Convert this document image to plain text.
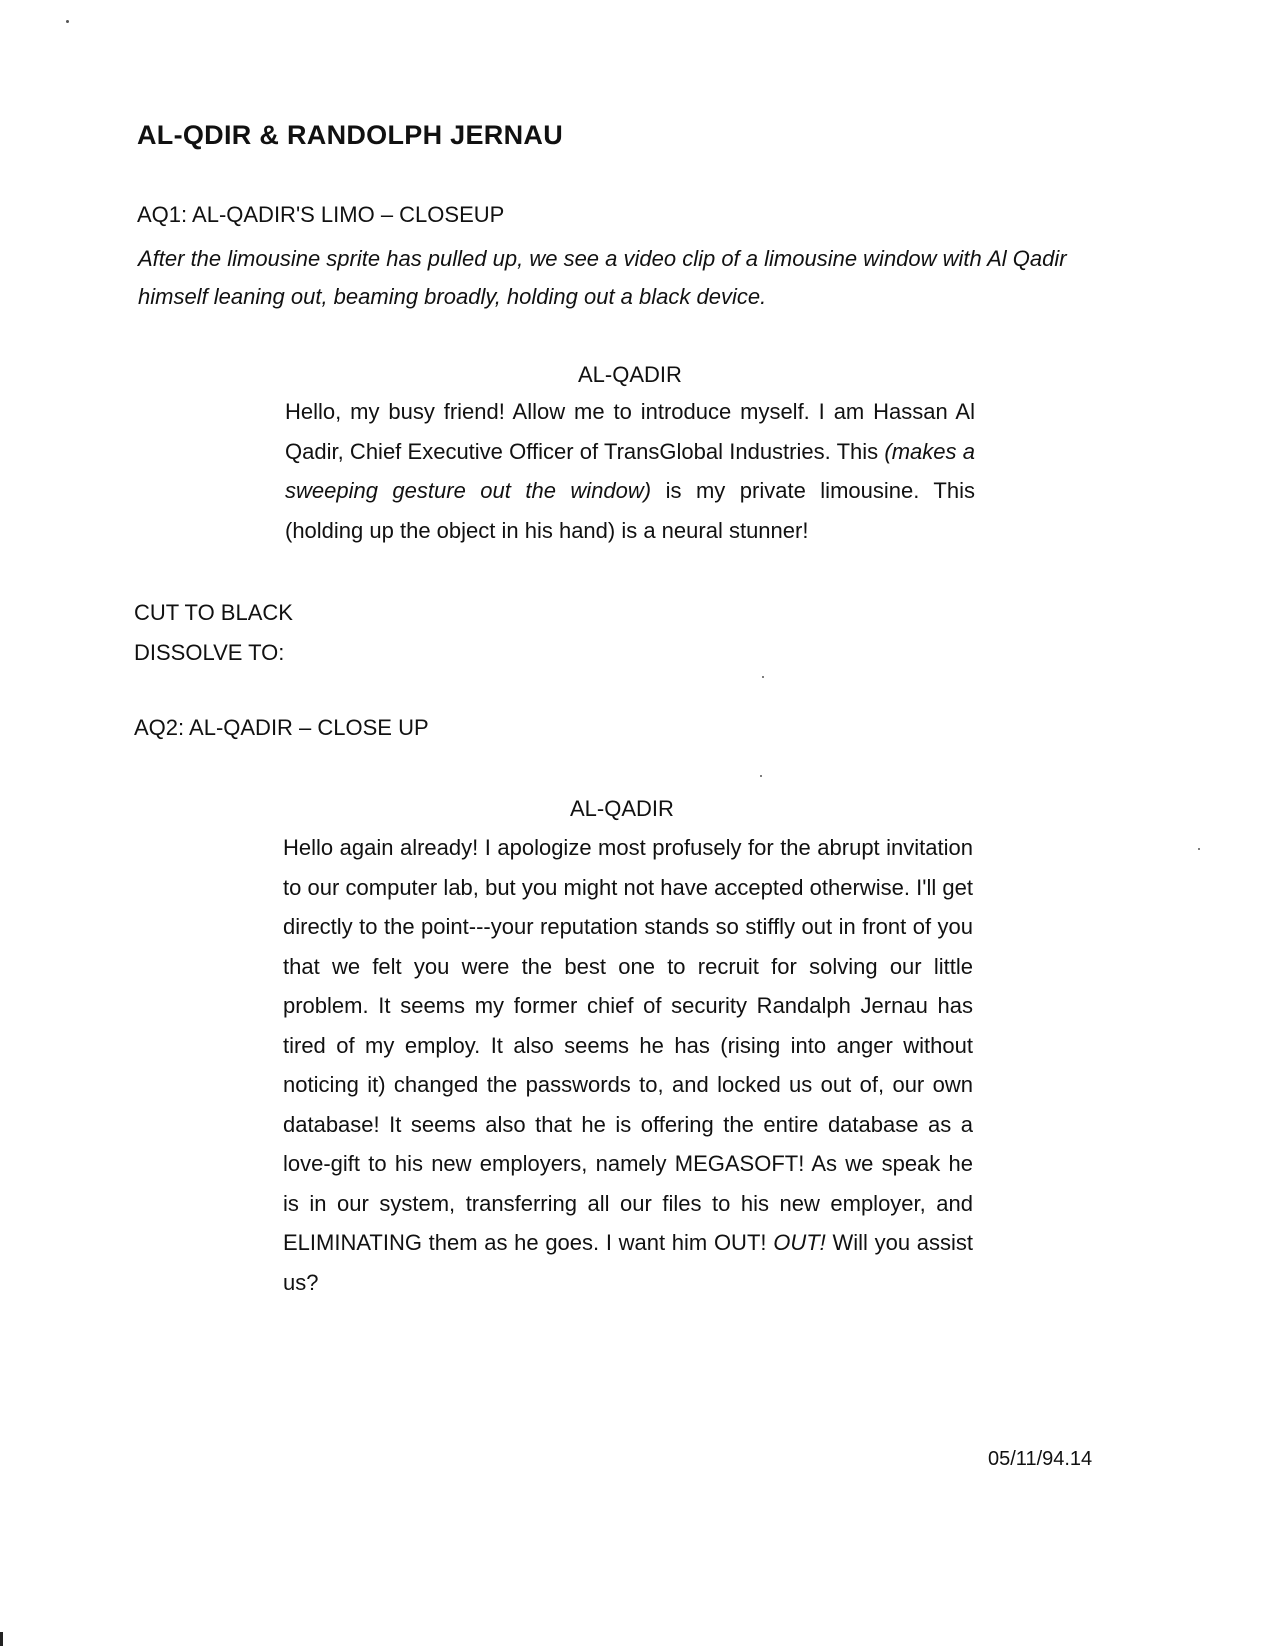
AL-QDIR & RANDOLPH JERNAU

AQ1: AL-QADIR'S LIMO – CLOSEUP

After the limousine sprite has pulled up, we see a video clip of a limousine window with Al Qadir himself leaning out, beaming broadly, holding out a black device.

AL-QADIR

Hello, my busy friend! Allow me to introduce myself. I am Hassan Al Qadir, Chief Executive Officer of TransGlobal Industries. This (makes a sweeping gesture out the window) is my private limousine. This (holding up the object in his hand) is a neural stunner!

CUT TO BLACK

DISSOLVE TO:

AQ2: AL-QADIR – CLOSE UP

AL-QADIR

Hello again already! I apologize most profusely for the abrupt invitation to our computer lab, but you might not have accepted otherwise. I'll get directly to the point---your reputation stands so stiffly out in front of you that we felt you were the best one to recruit for solving our little problem. It seems my former chief of security Randalph Jernau has tired of my employ. It also seems he has (rising into anger without noticing it) changed the passwords to, and locked us out of, our own database! It seems also that he is offering the entire database as a love-gift to his new employers, namely MEGASOFT! As we speak he is in our system, transferring all our files to his new employer, and ELIMINATING them as he goes. I want him OUT! OUT! Will you assist us?

05/11/94.14
